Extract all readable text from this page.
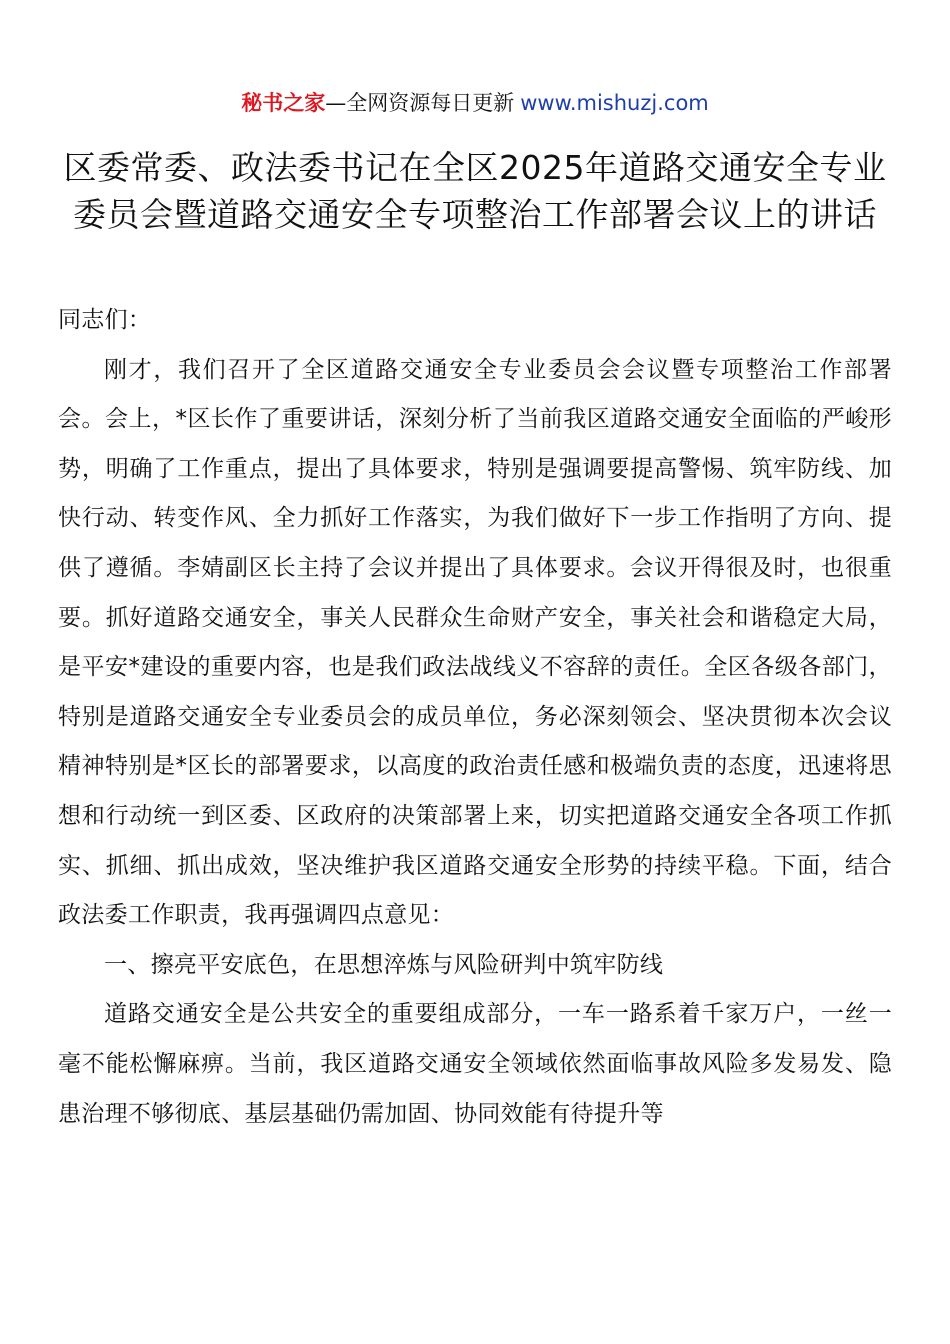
秘书之家—全网资源每日更新 www.mishuzj.com
区委常委、政法委书记在全区2025年道路交通安全专业委员会暨道路交通安全专项整治工作部署会议上的讲话

同志们：

刚才，我们召开了全区道路交通安全专业委员会会议暨专项整治工作部署会。会上，*区长作了重要讲话，深刻分析了当前我区道路交通安全面临的严峻形势，明确了工作重点，提出了具体要求，特别是强调要提高警惕、筑牢防线、加快行动、转变作风、全力抓好工作落实，为我们做好下一步工作指明了方向、提供了遵循。李婧副区长主持了会议并提出了具体要求。会议开得很及时，也很重要。抓好道路交通安全，事关人民群众生命财产安全，事关社会和谐稳定大局，是平安*建设的重要内容，也是我们政法战线义不容辞的责任。全区各级各部门，特别是道路交通安全专业委员会的成员单位，务必深刻领会、坚决贯彻本次会议精神特别是*区长的部署要求，以高度的政治责任感和极端负责的态度，迅速将思想和行动统一到区委、区政府的决策部署上来，切实把道路交通安全各项工作抓实、抓细、抓出成效，坚决维护我区道路交通安全形势的持续平稳。下面，结合政法委工作职责，我再强调四点意见：

一、擦亮平安底色，在思想淬炼与风险研判中筑牢防线

道路交通安全是公共安全的重要组成部分，一车一路系着千家万户，一丝一毫不能松懈麻痹。当前，我区道路交通安全领域依然面临事故风险多发易发、隐患治理不够彻底、基层基础仍需加固、协同效能有待提升等
